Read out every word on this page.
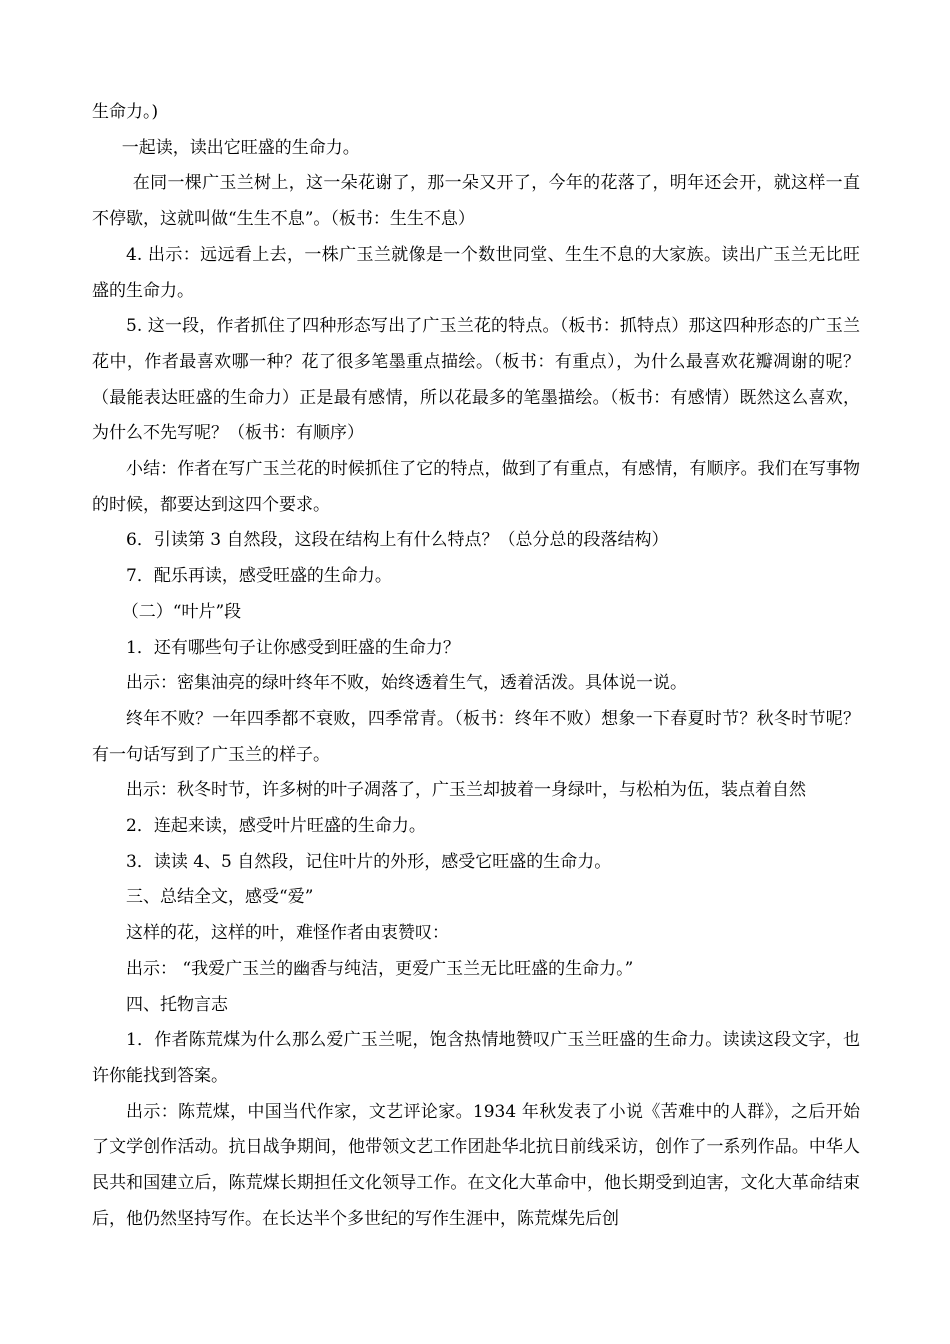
生命力。)

一起读，读出它旺盛的生命力。

在同一棵广玉兰树上，这一朵花谢了，那一朵又开了，今年的花落了，明年还会开，就这样一直不停歇，这就叫做“生生不息”。（板书：生生不息）

4. 出示：远远看上去，一株广玉兰就像是一个数世同堂、生生不息的大家族。读出广玉兰无比旺盛的生命力。

5. 这一段，作者抓住了四种形态写出了广玉兰花的特点。（板书：抓特点）那这四种形态的广玉兰花中，作者最喜欢哪一种？花了很多笔墨重点描绘。（板书：有重点），为什么最喜欢花瓣凋谢的呢？（最能表达旺盛的生命力）正是最有感情，所以花最多的笔墨描绘。（板书：有感情）既然这么喜欢，为什么不先写呢？（板书：有顺序）

小结：作者在写广玉兰花的时候抓住了它的特点，做到了有重点，有感情，有顺序。我们在写事物的时候，都要达到这四个要求。

6．引读第 3 自然段，这段在结构上有什么特点？（总分总的段落结构）

7．配乐再读，感受旺盛的生命力。

（二）“叶片”段

1．还有哪些句子让你感受到旺盛的生命力？

出示：密集油亮的绿叶终年不败，始终透着生气，透着活泼。具体说一说。

终年不败？一年四季都不衰败，四季常青。（板书：终年不败）想象一下春夏时节？秋冬时节呢？有一句话写到了广玉兰的样子。

出示：秋冬时节，许多树的叶子凋落了，广玉兰却披着一身绿叶，与松柏为伍，装点着自然

2．连起来读，感受叶片旺盛的生命力。

3．读读 4、5 自然段，记住叶片的外形，感受它旺盛的生命力。

三、总结全文，感受“爱”

这样的花，这样的叶，难怪作者由衷赞叹：

出示： “我爱广玉兰的幽香与纯洁，更爱广玉兰无比旺盛的生命力。”

四、托物言志

1．作者陈荒煤为什么那么爱广玉兰呢，饱含热情地赞叹广玉兰旺盛的生命力。读读这段文字，也许你能找到答案。

出示：陈荒煤，中国当代作家，文艺评论家。1934 年秋发表了小说《苦难中的人群》，之后开始了文学创作活动。抗日战争期间，他带领文艺工作团赴华北抗日前线采访，创作了一系列作品。中华人民共和国建立后，陈荒煤长期担任文化领导工作。在文化大革命中，他长期受到迫害，文化大革命结束后，他仍然坚持写作。在长达半个多世纪的写作生涯中，陈荒煤先后创
